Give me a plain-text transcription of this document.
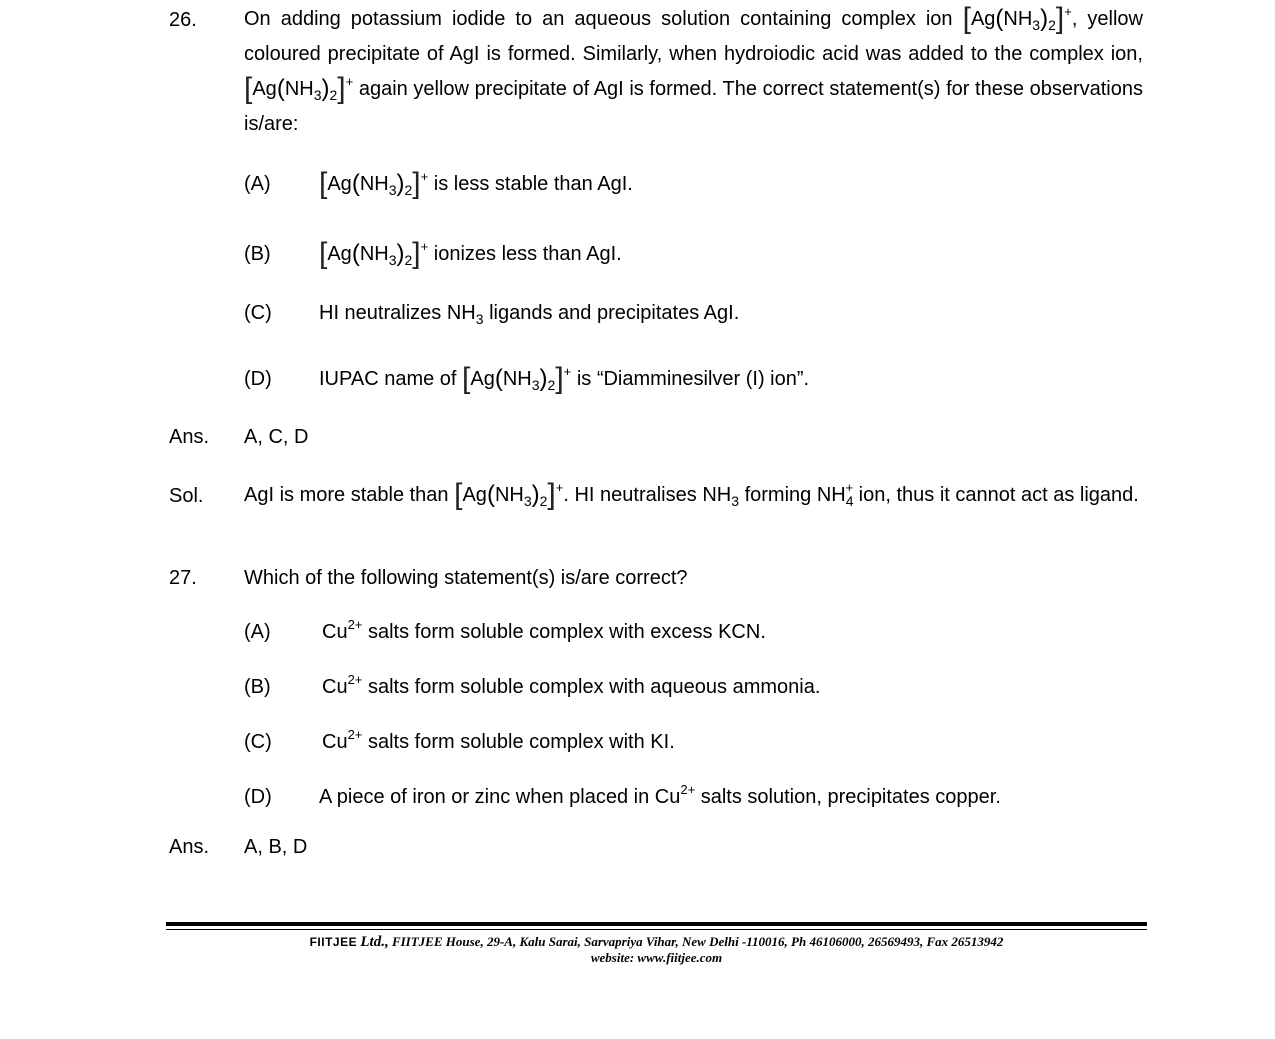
26. On adding potassium iodide to an aqueous solution containing complex ion $[Ag(NH_3)_2]^+$, yellow coloured precipitate of AgI is formed. Similarly, when hydroiodic acid was added to the complex ion, $[Ag(NH_3)_2]^+$ again yellow precipitate of AgI is formed. The correct statement(s) for these observations is/are:
(A) $[Ag(NH_3)_2]^+$ is less stable than AgI.
(B) $[Ag(NH_3)_2]^+$ ionizes less than AgI.
(C) HI neutralizes $NH_3$ ligands and precipitates AgI.
(D) IUPAC name of $[Ag(NH_3)_2]^+$ is “Diamminesilver (I) ion”.
Ans. A, C, D
Sol. AgI is more stable than $[Ag(NH_3)_2]^+$. HI neutralises $NH_3$ forming $NH_4^+$ ion, thus it cannot act as ligand.
27. Which of the following statement(s) is/are correct?
(A)	$Cu^{2+}$ salts form soluble complex with excess KCN.
(B)	$Cu^{2+}$ salts form soluble complex with aqueous ammonia.
(C)	$Cu^{2+}$ salts form soluble complex with KI.
(D) A piece of iron or zinc when placed in $Cu^{2+}$ salts solution, precipitates copper.
Ans. A, B, D
FIITJEE Ltd., FIITJEE House, 29-A, Kalu Sarai, Sarvapriya Vihar, New Delhi -110016, Ph 46106000, 26569493, Fax 26513942
website: www.fiitjee.com
